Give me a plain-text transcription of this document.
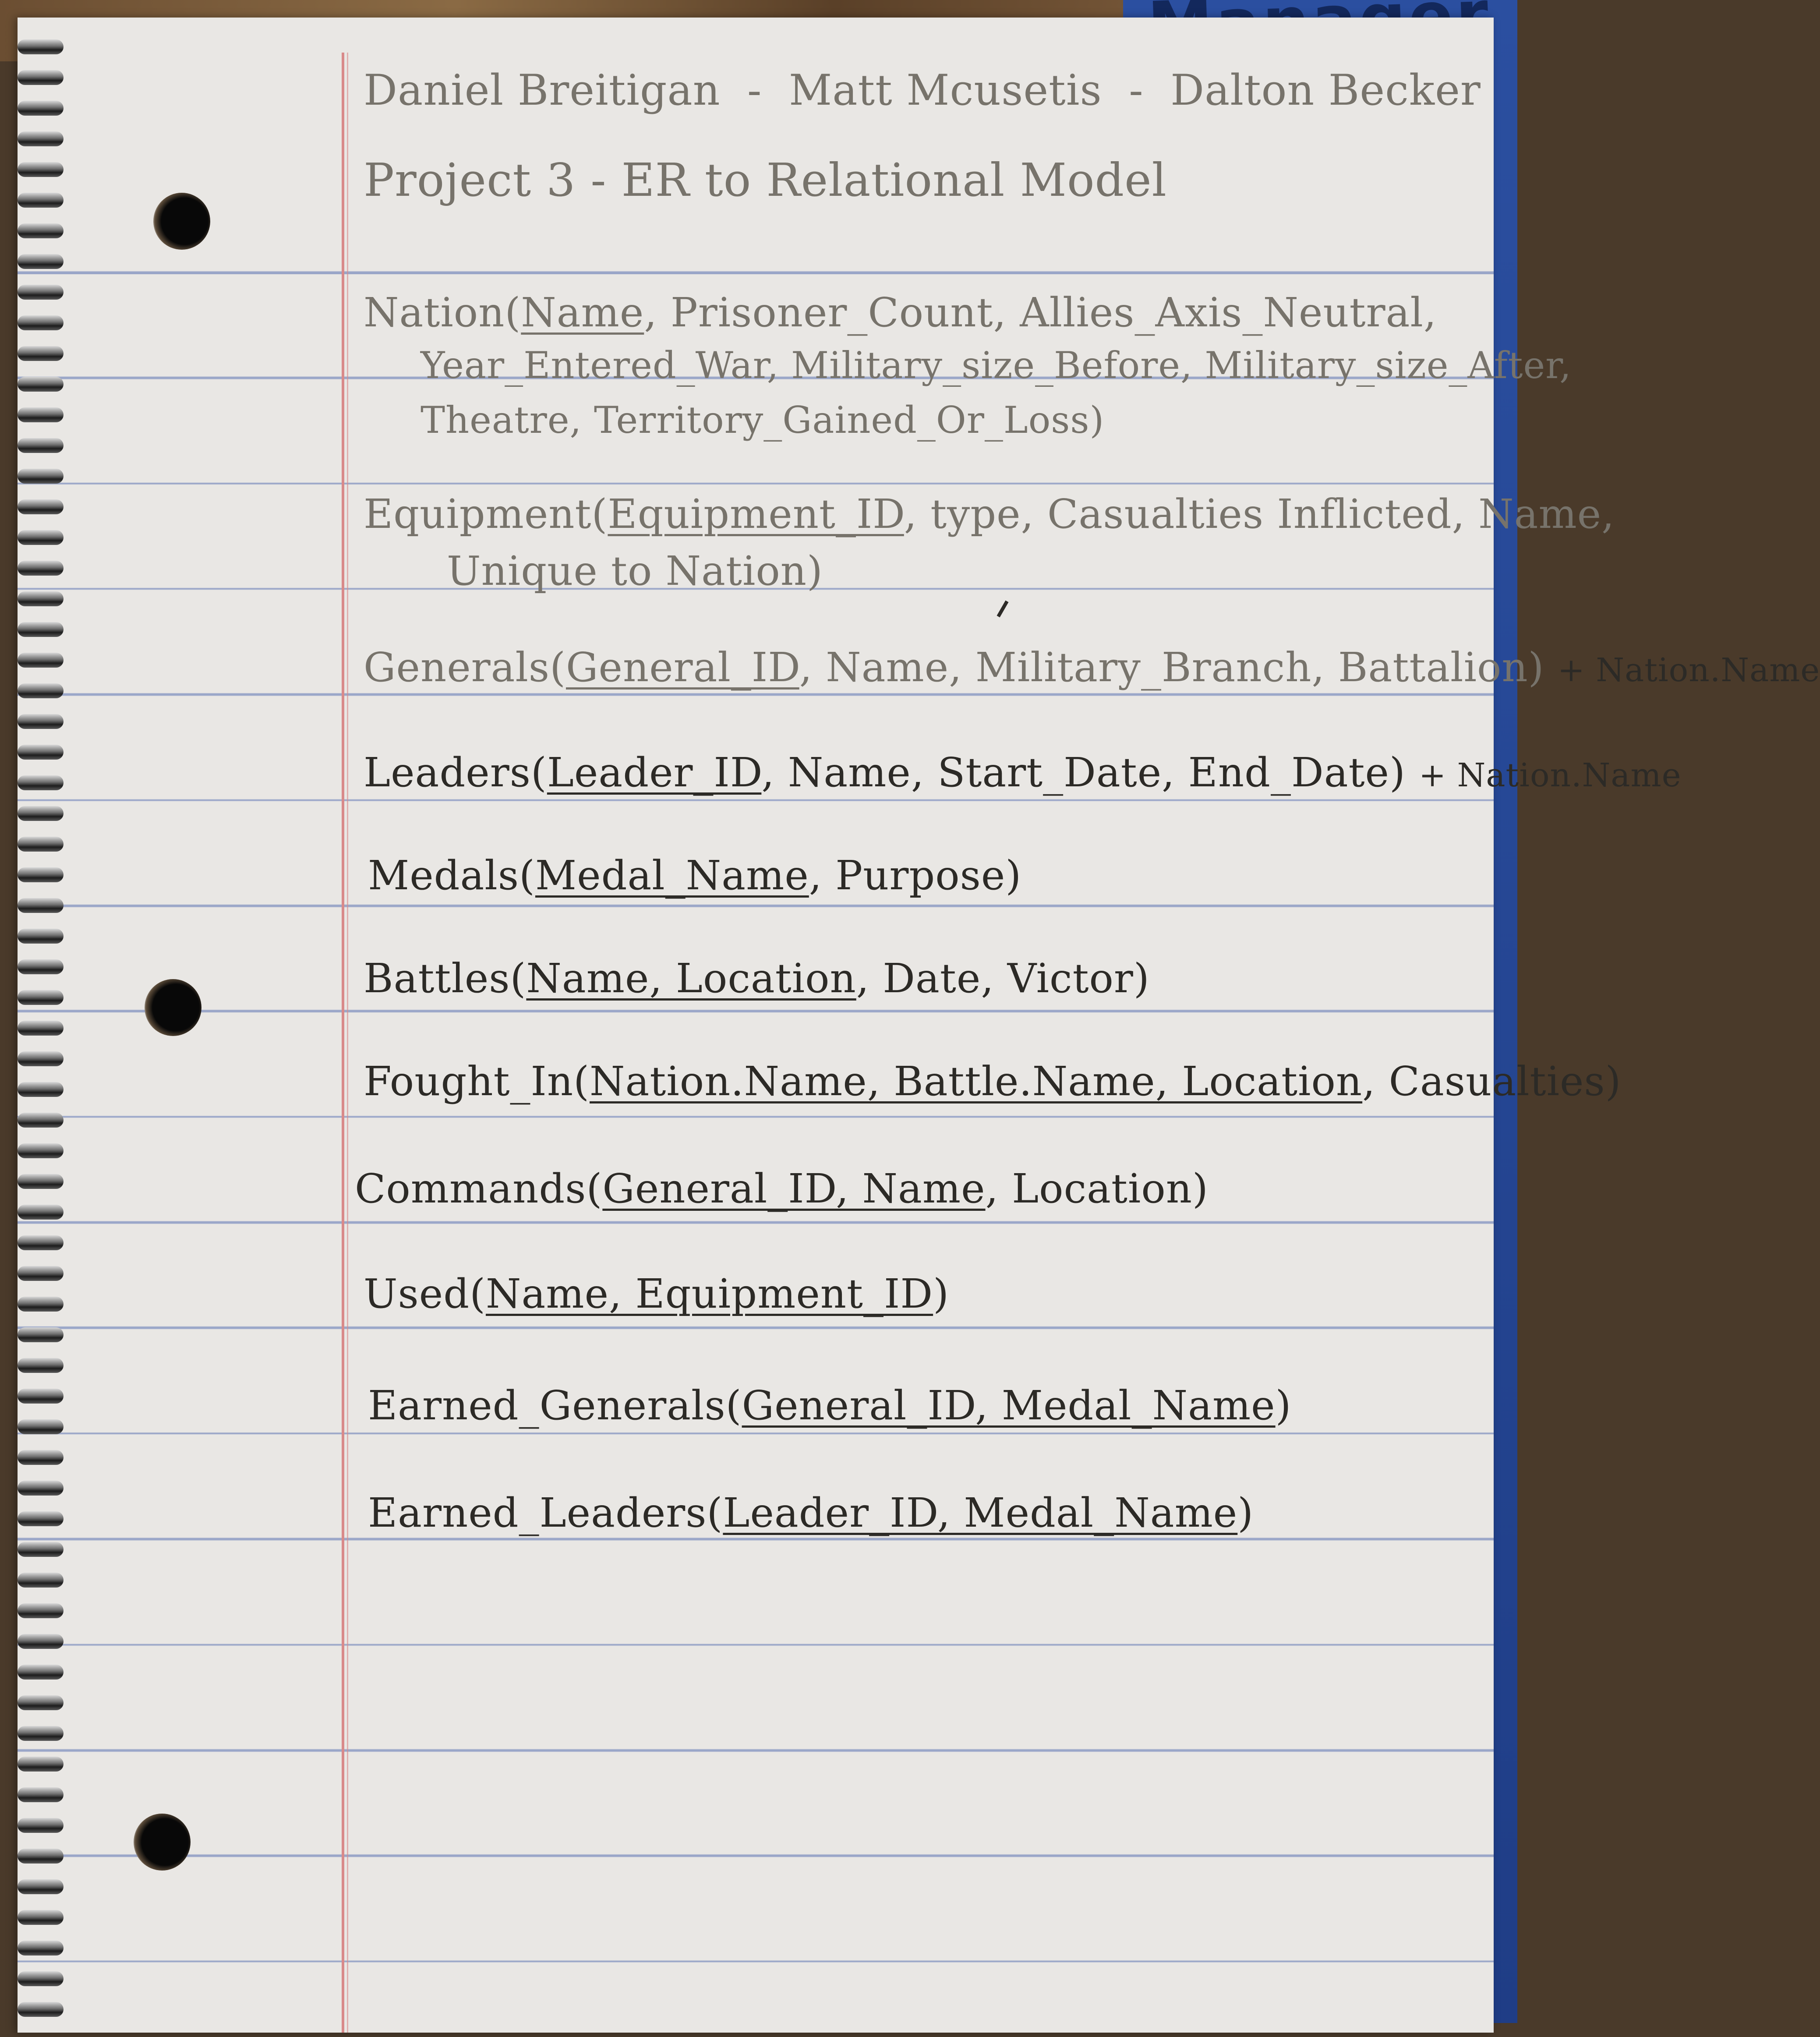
Daniel Breitigan - Matt Mcusetis - Dalton Becker
Project 3 - ER to Relational Model
Nation(Name, Prisoner_Count, Allies_Axis_Neutral,
Year_Entered_War, Military_size_Before, Military_size_After,
Theatre, Territory_Gained_Or_Loss)
Equipment(Equipment_ID, type, Casualties Inflicted, Name,
Unique to Nation)
Generals(General_ID, Name, Military_Branch, Battalion) + Nation.Name
Leaders(Leader_ID, Name, Start_Date, End_Date) + Nation.Name
Medals(Medal_Name, Purpose)
Battles(Name, Location, Date, Victor)
Fought_In(Nation.Name, Battle.Name, Location, Casualties)
Commands(General_ID, Name, Location)
Used(Name, Equipment_ID)
Earned_Generals(General_ID, Medal_Name)
Earned_Leaders(Leader_ID, Medal_Name)
